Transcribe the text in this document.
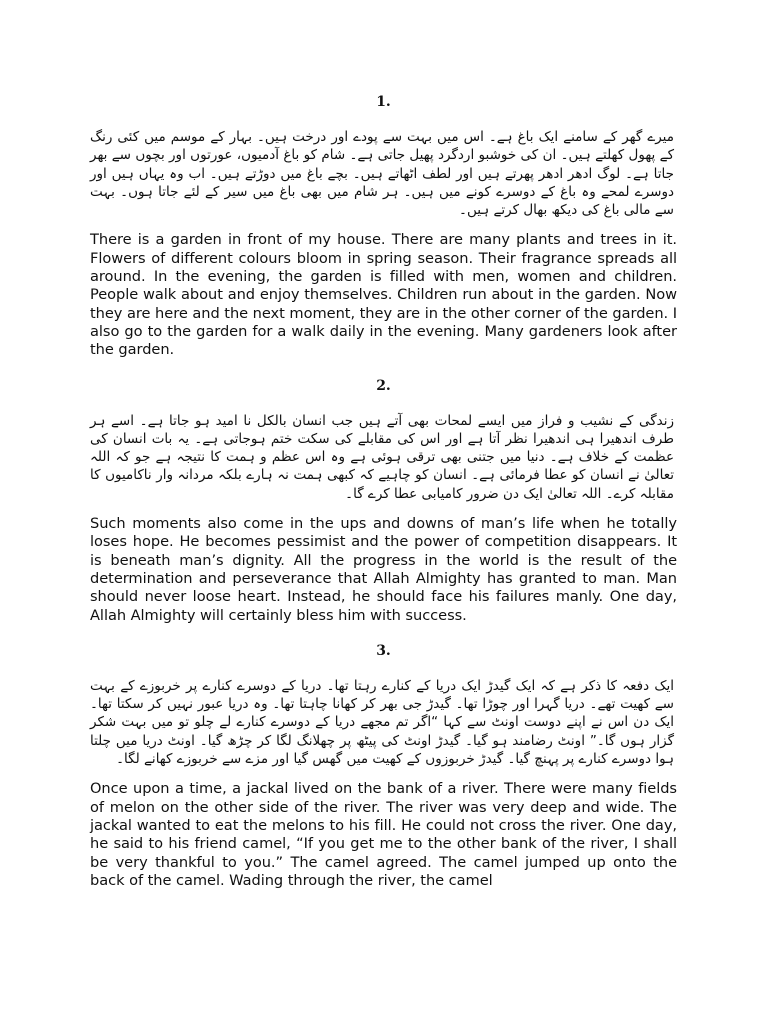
1.

میرے گھر کے سامنے ایک باغ ہے۔ اس میں بہت سے پودے اور درخت ہیں۔ بہار کے موسم میں کئی رنگ کے پھول کھلتے ہیں۔ ان کی خوشبو اردگرد پھیل جاتی ہے۔ شام کو باغ آدمیوں، عورتوں اور بچوں سے بھر جاتا ہے۔ لوگ ادھر ادھر پھرتے ہیں اور لطف اٹھاتے ہیں۔ بچے باغ میں دوڑتے ہیں۔ اب وہ یہاں ہیں اور دوسرے لمحے وہ باغ کے دوسرے کونے میں ہیں۔ ہر شام میں بھی باغ میں سیر کے لئے جاتا ہوں۔ بہت سے مالی باغ کی دیکھ بھال کرتے ہیں۔

There is a garden in front of my house. There are many plants and trees in it. Flowers of different colours bloom in spring season. Their fragrance spreads all around. In the evening, the garden is filled with men, women and children. People walk about and enjoy themselves. Children run about in the garden. Now they are here and the next moment, they are in the other corner of the garden. I also go to the garden for a walk daily in the evening. Many gardeners look after the garden.

2.

زندگی کے نشیب و فراز میں ایسے لمحات بھی آتے ہیں جب انسان بالکل نا امید ہو جاتا ہے۔ اسے ہر طرف اندھیرا ہی اندھیرا نظر آتا ہے اور اس کی مقابلے کی سکت ختم ہوجاتی ہے۔ یہ بات انسان کی عظمت کے خلاف ہے۔ دنیا میں جتنی بھی ترقی ہوئی ہے وہ اس عظم و ہمت کا نتیجہ ہے جو کہ اللہ تعالیٰ نے انسان کو عطا فرمائی ہے۔ انسان کو چاہیے کہ کبھی ہمت نہ ہارے بلکہ مردانہ وار ناکامیوں کا مقابلہ کرے۔ اللہ تعالیٰ ایک دن ضرور کامیابی عطا کرے گا۔

Such moments also come in the ups and downs of man’s life when he totally loses hope. He becomes pessimist and the power of competition disappears. It is beneath man’s dignity. All the progress in the world is the result of the determination and perseverance that Allah Almighty has granted to man. Man should never loose heart. Instead, he should face his failures manly. One day, Allah Almighty will certainly bless him with success.

3.

ایک دفعہ کا ذکر ہے کہ ایک گیدڑ ایک دریا کے کنارے رہتا تھا۔ دریا کے دوسرے کنارے پر خربوزے کے بہت سے کھیت تھے۔ دریا گہرا اور چوڑا تھا۔ گیدڑ جی بھر کر کھانا چاہتا تھا۔ وہ دریا عبور نہیں کر سکتا تھا۔ ایک دن اس نے اپنے دوست اونٹ سے کہا “اگر تم مجھے دریا کے دوسرے کنارے لے چلو تو میں بہت شکر گزار ہوں گا۔” اونٹ رضامند ہو گیا۔ گیدڑ اونٹ کی پیٹھ پر چھلانگ لگا کر چڑھ گیا۔ اونٹ دریا میں چلتا ہوا دوسرے کنارے پر پہنچ گیا۔ گیدڑ خربوزوں کے کھیت میں گھس گیا اور مزے سے خربوزے کھانے لگا۔

Once upon a time, a jackal lived on the bank of a river. There were many fields of melon on the other side of the river. The river was very deep and wide. The jackal wanted to eat the melons to his fill. He could not cross the river. One day, he said to his friend camel, “If you get me to the other bank of the river, I shall be very thankful to you.” The camel agreed. The camel jumped up onto the back of the camel. Wading through the river, the camel
